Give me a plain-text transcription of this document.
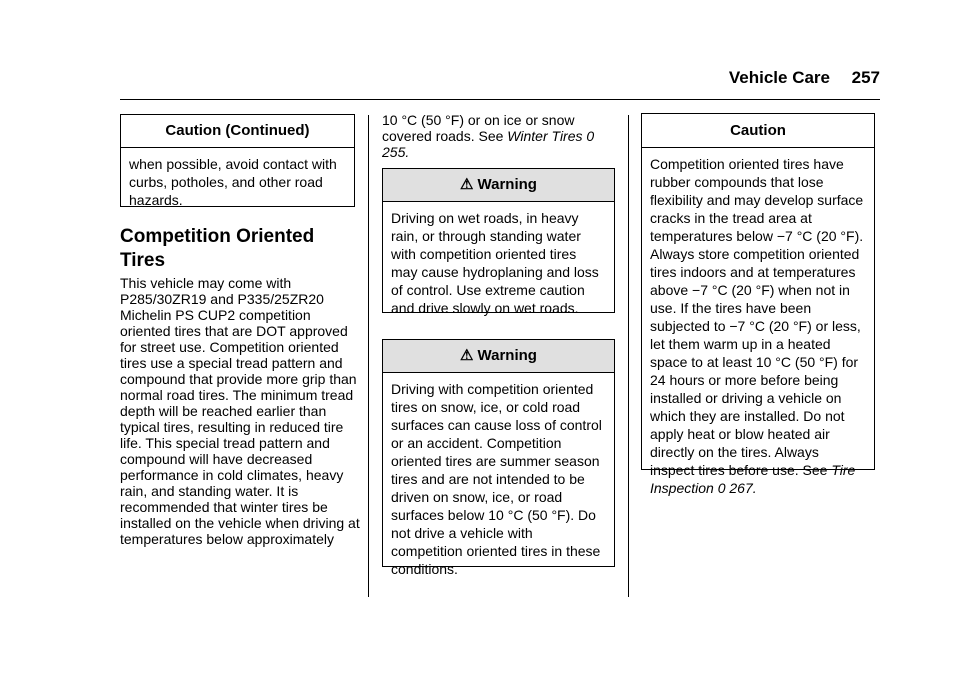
Vehicle Care	257
Caution (Continued)
when possible, avoid contact with curbs, potholes, and other road hazards.
Competition Oriented Tires
This vehicle may come with P285/30ZR19 and P335/25ZR20 Michelin PS CUP2 competition oriented tires that are DOT approved for street use. Competition oriented tires use a special tread pattern and compound that provide more grip than normal road tires. The minimum tread depth will be reached earlier than typical tires, resulting in reduced tire life. This special tread pattern and compound will have decreased performance in cold climates, heavy rain, and standing water. It is recommended that winter tires be installed on the vehicle when driving at temperatures below approximately
10 °C (50 °F) or on ice or snow covered roads. See Winter Tires 0 255.
⚠ Warning
Driving on wet roads, in heavy rain, or through standing water with competition oriented tires may cause hydroplaning and loss of control. Use extreme caution and drive slowly on wet roads.
⚠ Warning
Driving with competition oriented tires on snow, ice, or cold road surfaces can cause loss of control or an accident. Competition oriented tires are summer season tires and are not intended to be driven on snow, ice, or road surfaces below 10 °C (50 °F). Do not drive a vehicle with competition oriented tires in these conditions.
Caution
Competition oriented tires have rubber compounds that lose flexibility and may develop surface cracks in the tread area at temperatures below −7 °C (20 °F). Always store competition oriented tires indoors and at temperatures above −7 °C (20 °F) when not in use. If the tires have been subjected to −7 °C (20 °F) or less, let them warm up in a heated space to at least 10 °C (50 °F) for 24 hours or more before being installed or driving a vehicle on which they are installed. Do not apply heat or blow heated air directly on the tires. Always inspect tires before use. See Tire Inspection 0 267.
